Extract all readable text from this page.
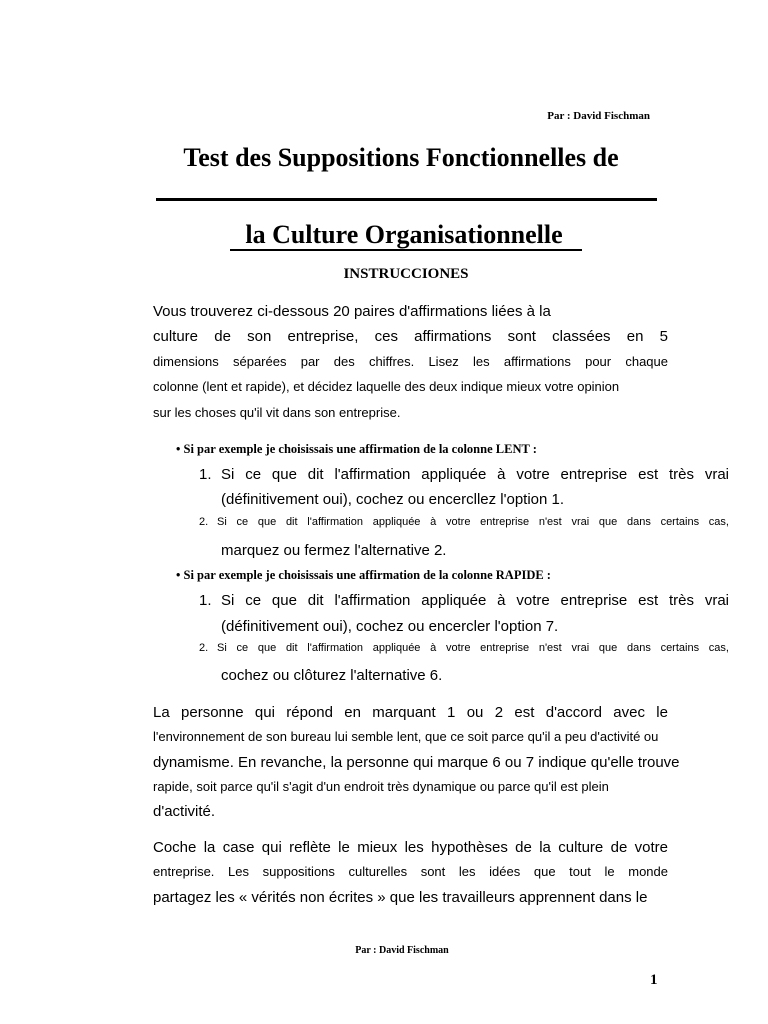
Par : David Fischman
Test des Suppositions Fonctionnelles de
la Culture Organisationnelle
INSTRUCCIONES
Vous trouverez ci-dessous 20 paires d'affirmations liées à la
culture de son entreprise, ces affirmations sont classées en 5
dimensions séparées par des chiffres. Lisez les affirmations pour chaque
colonne (lent et rapide), et décidez laquelle des deux indique mieux votre opinion
sur les choses qu'il vit dans son entreprise.
• Si par exemple je choisissais une affirmation de la colonne LENT :
1. Si ce que dit l'affirmation appliquée à votre entreprise est très vrai
(définitivement oui), cochez ou encercllez l'option 1.
2. Si ce que dit l'affirmation appliquée à votre entreprise n'est vrai que dans certains cas,
marquez ou fermez l'alternative 2.
• Si par exemple je choisissais une affirmation de la colonne RAPIDE :
1. Si ce que dit l'affirmation appliquée à votre entreprise est très vrai
(définitivement oui), cochez ou encercler l'option 7.
2. Si ce que dit l'affirmation appliquée à votre entreprise n'est vrai que dans certains cas,
cochez ou clôturez l'alternative 6.
La personne qui répond en marquant 1 ou 2 est d'accord avec le
l'environnement de son bureau lui semble lent, que ce soit parce qu'il a peu d'activité ou
dynamisme. En revanche, la personne qui marque 6 ou 7 indique qu'elle trouve
rapide, soit parce qu'il s'agit d'un endroit très dynamique ou parce qu'il est plein
d'activité.
Coche la case qui reflète le mieux les hypothèses de la culture de votre
entreprise. Les suppositions culturelles sont les idées que tout le monde
partagez les « vérités non écrites » que les travailleurs apprennent dans le
Par : David Fischman
1
